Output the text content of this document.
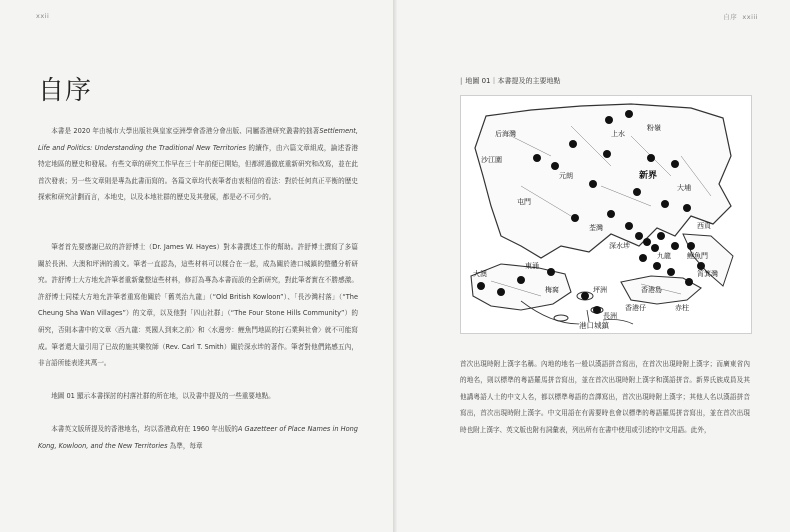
xxii
自序

本書是 2020 年由城市大學出版社與皇家亞洲學會香港分會出版、同屬香港研究叢書的拙著Settlement, Life and Politics: Understanding the Traditional New Territories 的續作，由六篇文章組成，論述香港特定地區的歷史和發展。有些文章的研究工作早在三十年前便已開始，但都經過徹底重新研究和改寫，並在此首次發表；另一些文章則是專為此書而寫的。各篇文章均代表筆者由衷相信的看法：對於任何真正平衡的歷史探索和研究計劃而言，本地史，以及本地社群的歷史及其發展，都是必不可少的。

筆者首先要感謝已故的許舒博士（Dr. James W. Hayes）對本書撰述工作的幫助。許舒博士撰寫了多篇關於長洲、大澳和坪洲的鴻文。筆者一直認為，這些材料可以糅合在一起，成為關於港口城鎮的整體分析研究。許舒博士大方地允許筆者重新彙整這些材料，修訂為專為本書而設的全新研究，對此筆者實在不勝感激。許舒博士同樣大方地允許筆者重寫他關於「舊英治九龍」（“Old British Kowloon”）、「長沙灣村落」（“The Cheung Sha Wan Villages”）的文章，以及他對「四山社群」（“The Four Stone Hills Community”）的研究，否則本書中的文章〈西九龍：英國人到來之前〉和〈水邊旁：鯉魚門地區的打石業與社會〉就不可能寫成。筆者還大量引用了已故的施其樂牧師（Rev. Carl T. Smith）關於深水埗的著作。筆者對他們銘感五內，非言語所能表達其萬一。

地圖 01 顯示本書探討的村落社群的所在地，以及書中提及的一些重要地點。

本書英文版所提及的香港地名，均以香港政府在 1960 年出版的A Gazetteer of Place Names in Hong Kong, Kowloon, and the New Territories 為準，每章

自序 xxiii
| 地圖 01｜本書提及的主要地點
后海灣
沙江圍
粉嶺
上水
元朗
屯門
新界
大埔
西貢
荃灣
深水埗
九龍 鯉魚門
筲箕灣
香港島
香港仔	赤柱
東涌
梅窩	坪洲
大澳
長洲
港口城鎮
首次出現時附上漢字名稱。內地的地名一般以漢語拼音寫出，在首次出現時附上漢字；而廣東省內的地名，則以標準的粵語羅馬拼音寫出，並在首次出現時附上漢字和漢語拼音。新界氏族成員及其他講粵語人士的中文人名，都以標準粵語的音譯寫出，首次出現時附上漢字；其他人名以漢語拼音寫出，首次出現時附上漢字。中文用語在有需要時也會以標準的粵語羅馬拼音寫出，並在首次出現時也附上漢字、英文版也附有詞彙表，列出所有在書中使用或引述的中文用語。此外，
